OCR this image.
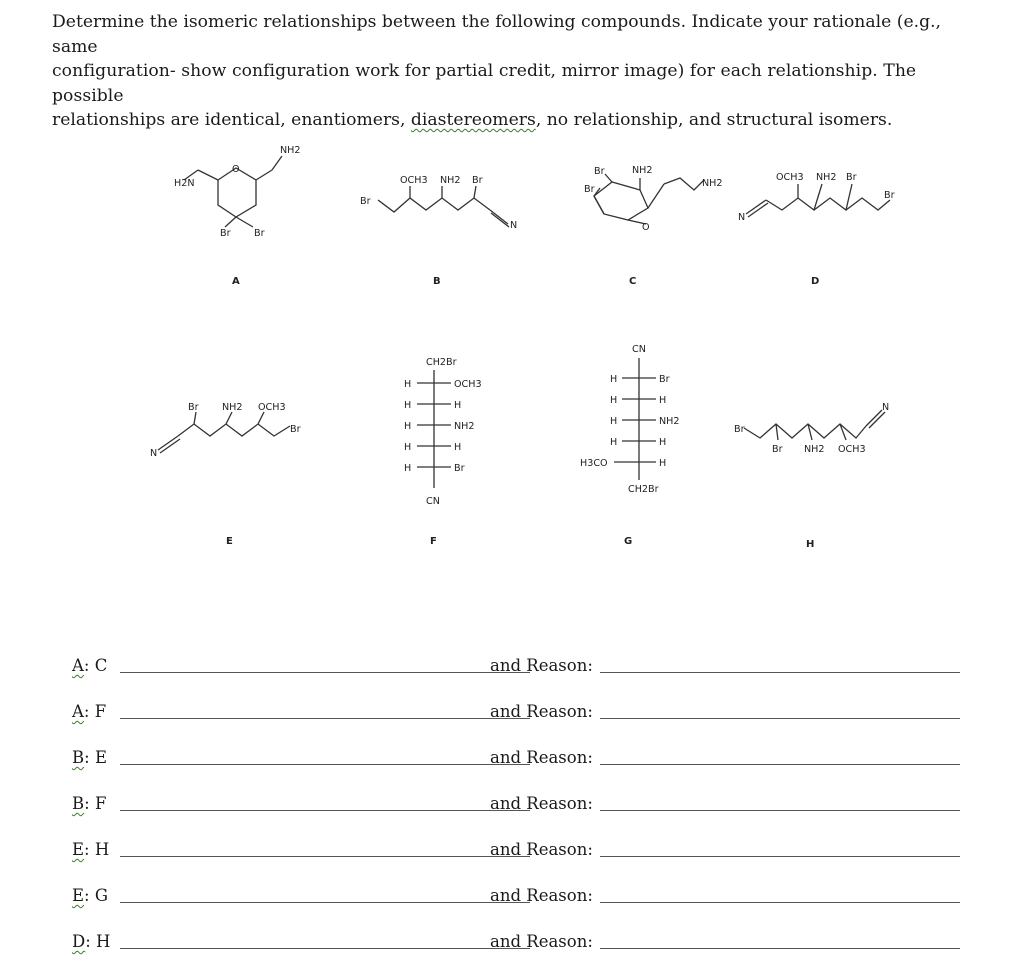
Determine the isomeric relationships between the following compounds. Indicate your rationale (e.g., same

configuration- show configuration work for partial credit, mirror image) for each relationship. The possible

relationships are identical, enantiomers, diastereomers, no relationship, and structural isomers.

H2N
O
NH2
Br Br
A
Br
OCH3 NH2 Br
N
B
Br
Br
NH2
NH2
O
C
N
OCH3 NH2 Br
Br
D
N
Br NH2 OCH3
Br
E
CH2Br
H	OCH3
H	H
H	NH2
H	H
H	Br
CN
F
CN
H	Br
H	H
H	NH2
H	H
H3CO	H
CH2Br
G
Br
Br NH2 OCH3
N
H
A: C	and Reason:
A: F	and Reason:
B: E	and Reason:
B: F	and Reason:
E: H	and Reason:
E: G	and Reason:
D: H	and Reason:
